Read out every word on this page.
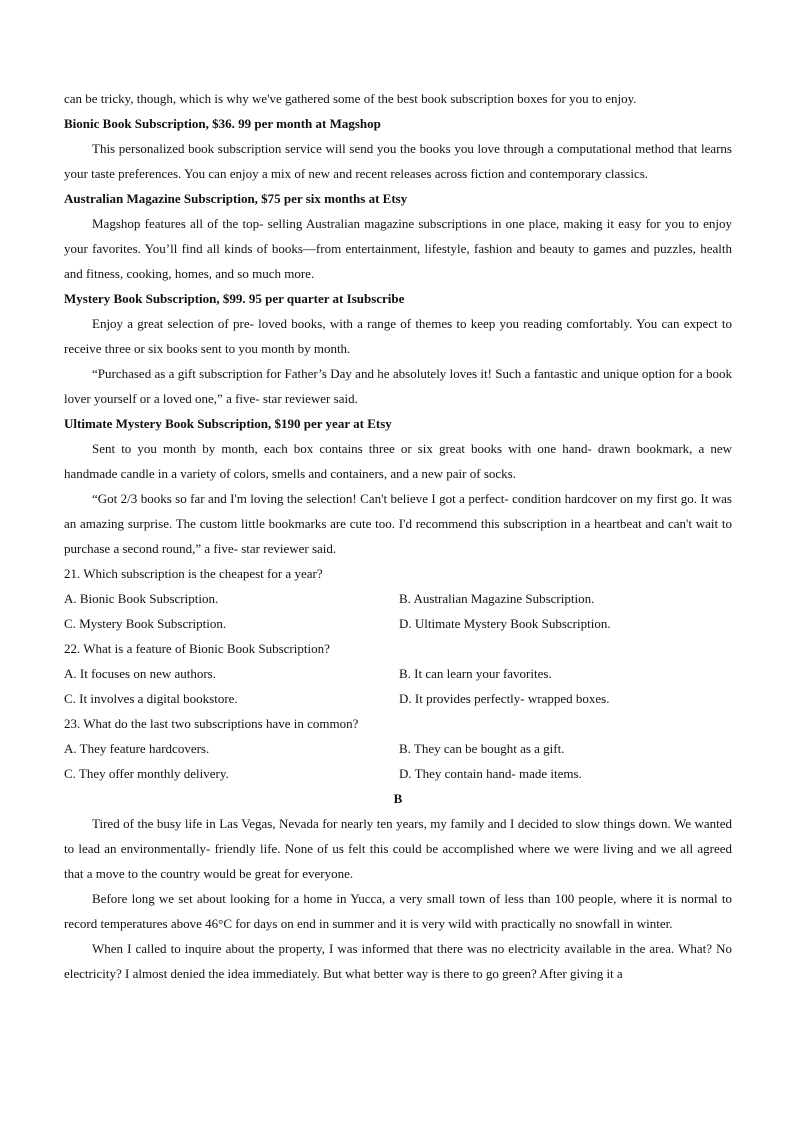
can be tricky, though, which is why we've gathered some of the best book subscription boxes for you to enjoy.

Bionic Book Subscription, $36. 99 per month at Magshop

This personalized book subscription service will send you the books you love through a computational method that learns your taste preferences. You can enjoy a mix of new and recent releases across fiction and contemporary classics.

Australian Magazine Subscription, $75 per six months at Etsy

Magshop features all of the top- selling Australian magazine subscriptions in one place, making it easy for you to enjoy your favorites. You’ll find all kinds of books—from entertainment, lifestyle, fashion and beauty to games and puzzles, health and fitness, cooking, homes, and so much more.

Mystery Book Subscription, $99. 95 per quarter at Isubscribe

Enjoy a great selection of pre- loved books, with a range of themes to keep you reading comfortably. You can expect to receive three or six books sent to you month by month.

“Purchased as a gift subscription for Father’s Day and he absolutely loves it! Such a fantastic and unique option for a book lover yourself or a loved one,” a five- star reviewer said.

Ultimate Mystery Book Subscription, $190 per year at Etsy

Sent to you month by month, each box contains three or six great books with one hand- drawn bookmark, a new handmade candle in a variety of colors, smells and containers, and a new pair of socks.

“Got 2/3 books so far and I'm loving the selection! Can't believe I got a perfect- condition hardcover on my first go. It was an amazing surprise. The custom little bookmarks are cute too. I'd recommend this subscription in a heartbeat and can't wait to purchase a second round,” a five- star reviewer said.

21. Which subscription is the cheapest for a year?

A. Bionic Book Subscription.	B. Australian Magazine Subscription.

C. Mystery Book Subscription.	D. Ultimate Mystery Book Subscription.

22. What is a feature of Bionic Book Subscription?

A. It focuses on new authors.	B. It can learn your favorites.

C. It involves a digital bookstore.	D. It provides perfectly- wrapped boxes.

23. What do the last two subscriptions have in common?

A. They feature hardcovers.	B. They can be bought as a gift.

C. They offer monthly delivery.	D. They contain hand- made items.

B

Tired of the busy life in Las Vegas, Nevada for nearly ten years, my family and I decided to slow things down. We wanted to lead an environmentally- friendly life. None of us felt this could be accomplished where we were living and we all agreed that a move to the country would be great for everyone.

Before long we set about looking for a home in Yucca, a very small town of less than 100 people, where it is normal to record temperatures above 46°C for days on end in summer and it is very wild with practically no snowfall in winter.

When I called to inquire about the property, I was informed that there was no electricity available in the area. What? No electricity? I almost denied the idea immediately. But what better way is there to go green? After giving it a
